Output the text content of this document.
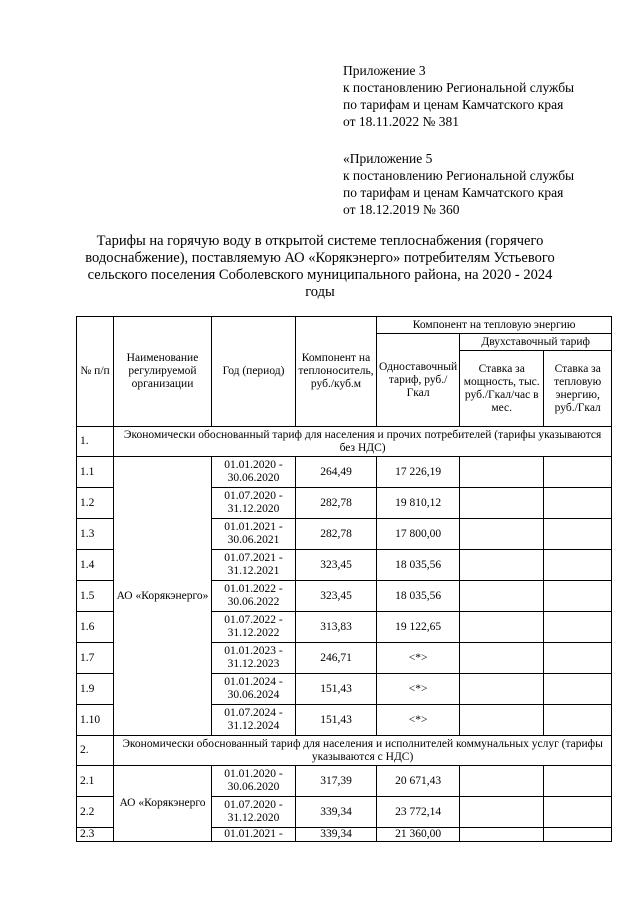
Приложение 3
к постановлению Региональной службы
по тарифам и ценам Камчатского края
от 18.11.2022 № 381
«Приложение 5
к постановлению Региональной службы
по тарифам и ценам Камчатского края
от 18.12.2019 № 360
Тарифы на горячую воду в открытой системе теплоснабжения (горячего водоснабжение), поставляемую АО «Корякэнерго» потребителям Устьевого сельского поселения Соболевского муниципального района, на 2020 - 2024 годы
№ п/п	Наименование регулируемой организации	Год (период)	Компонент на теплоноситель, руб./куб.м	Компонент на тепловую энергию		
				Одноставочный тариф, руб./Гкал	Двухставочный тариф	
					Ставка за мощность, тыс. руб./Гкал/час в мес.	Ставка за тепловую энергию, руб./Гкал
1.	Экономически обоснованный тариф для населения и прочих потребителей (тарифы указываются без НДС)					
1.1	АО «Корякэнерго»	01.01.2020 - 30.06.2020	264,49	17 226,19		
1.2		01.07.2020 - 31.12.2020	282,78	19 810,12		
1.3		01.01.2021 - 30.06.2021	282,78	17 800,00		
1.4		01.07.2021 - 31.12.2021	323,45	18 035,56		
1.5		01.01.2022 - 30.06.2022	323,45	18 035,56		
1.6		01.07.2022 - 31.12.2022	313,83	19 122,65		
1.7		01.01.2023 - 31.12.2023	246,71	<*>		
1.9		01.01.2024 - 30.06.2024	151,43	<*>		
1.10		01.07.2024 - 31.12.2024	151,43	<*>		
2.	Экономически обоснованный тариф для населения и исполнителей коммунальных услуг (тарифы указываются с НДС)					
2.1	АО «Корякэнерго	01.01.2020 - 30.06.2020	317,39	20 671,43		
2.2		01.07.2020 - 31.12.2020	339,34	23 772,14		
2.3		01.01.2021 -	339,34	21 360,00		
